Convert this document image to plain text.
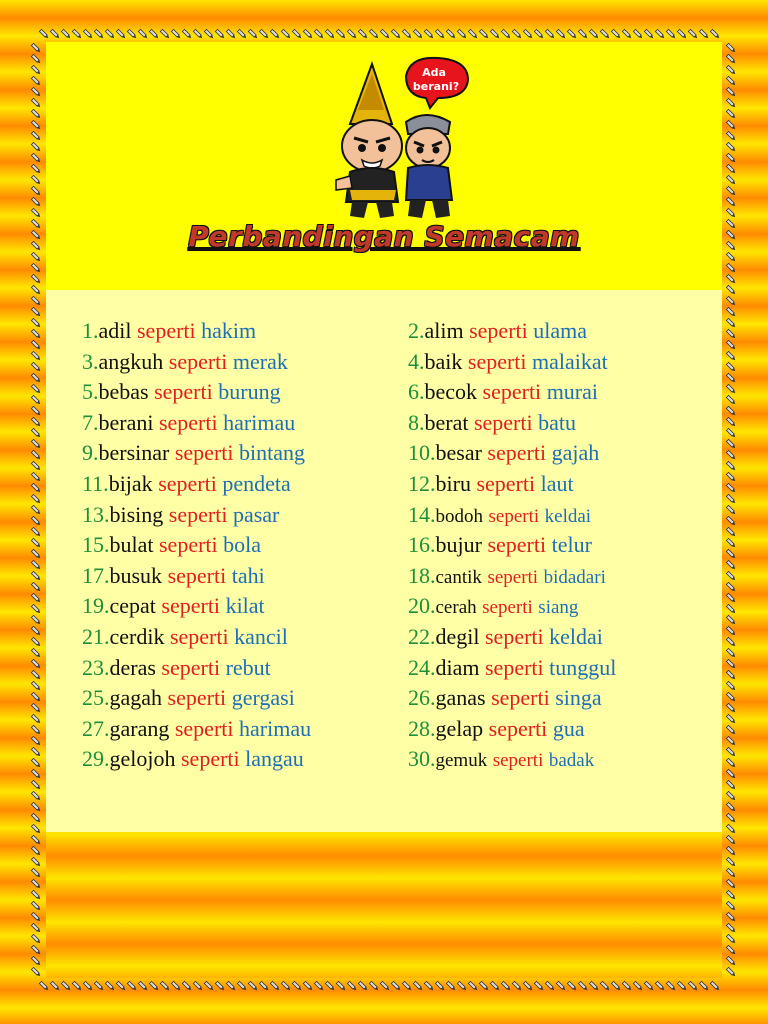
Ada
berani?
Perbandingan Semacam
1.adil seperti hakim	2.alim seperti ulama
3.angkuh seperti merak	4.baik seperti malaikat
5.bebas seperti burung	6.becok seperti murai
7.berani seperti harimau	8.berat seperti batu
9.bersinar seperti bintang	10.besar seperti gajah
11.bijak seperti pendeta	12.biru seperti laut
13.bising seperti pasar	14.bodoh seperti keldai
15.bulat seperti bola	16.bujur seperti telur
17.busuk seperti tahi	18.cantik seperti bidadari
19.cepat seperti kilat	20.cerah seperti siang
21.cerdik seperti kancil	22.degil seperti keldai
23.deras seperti rebut	24.diam seperti tunggul
25.gagah seperti gergasi	26.ganas seperti singa
27.garang seperti harimau	28.gelap seperti gua
29.gelojoh seperti langau	30.gemuk seperti badak
